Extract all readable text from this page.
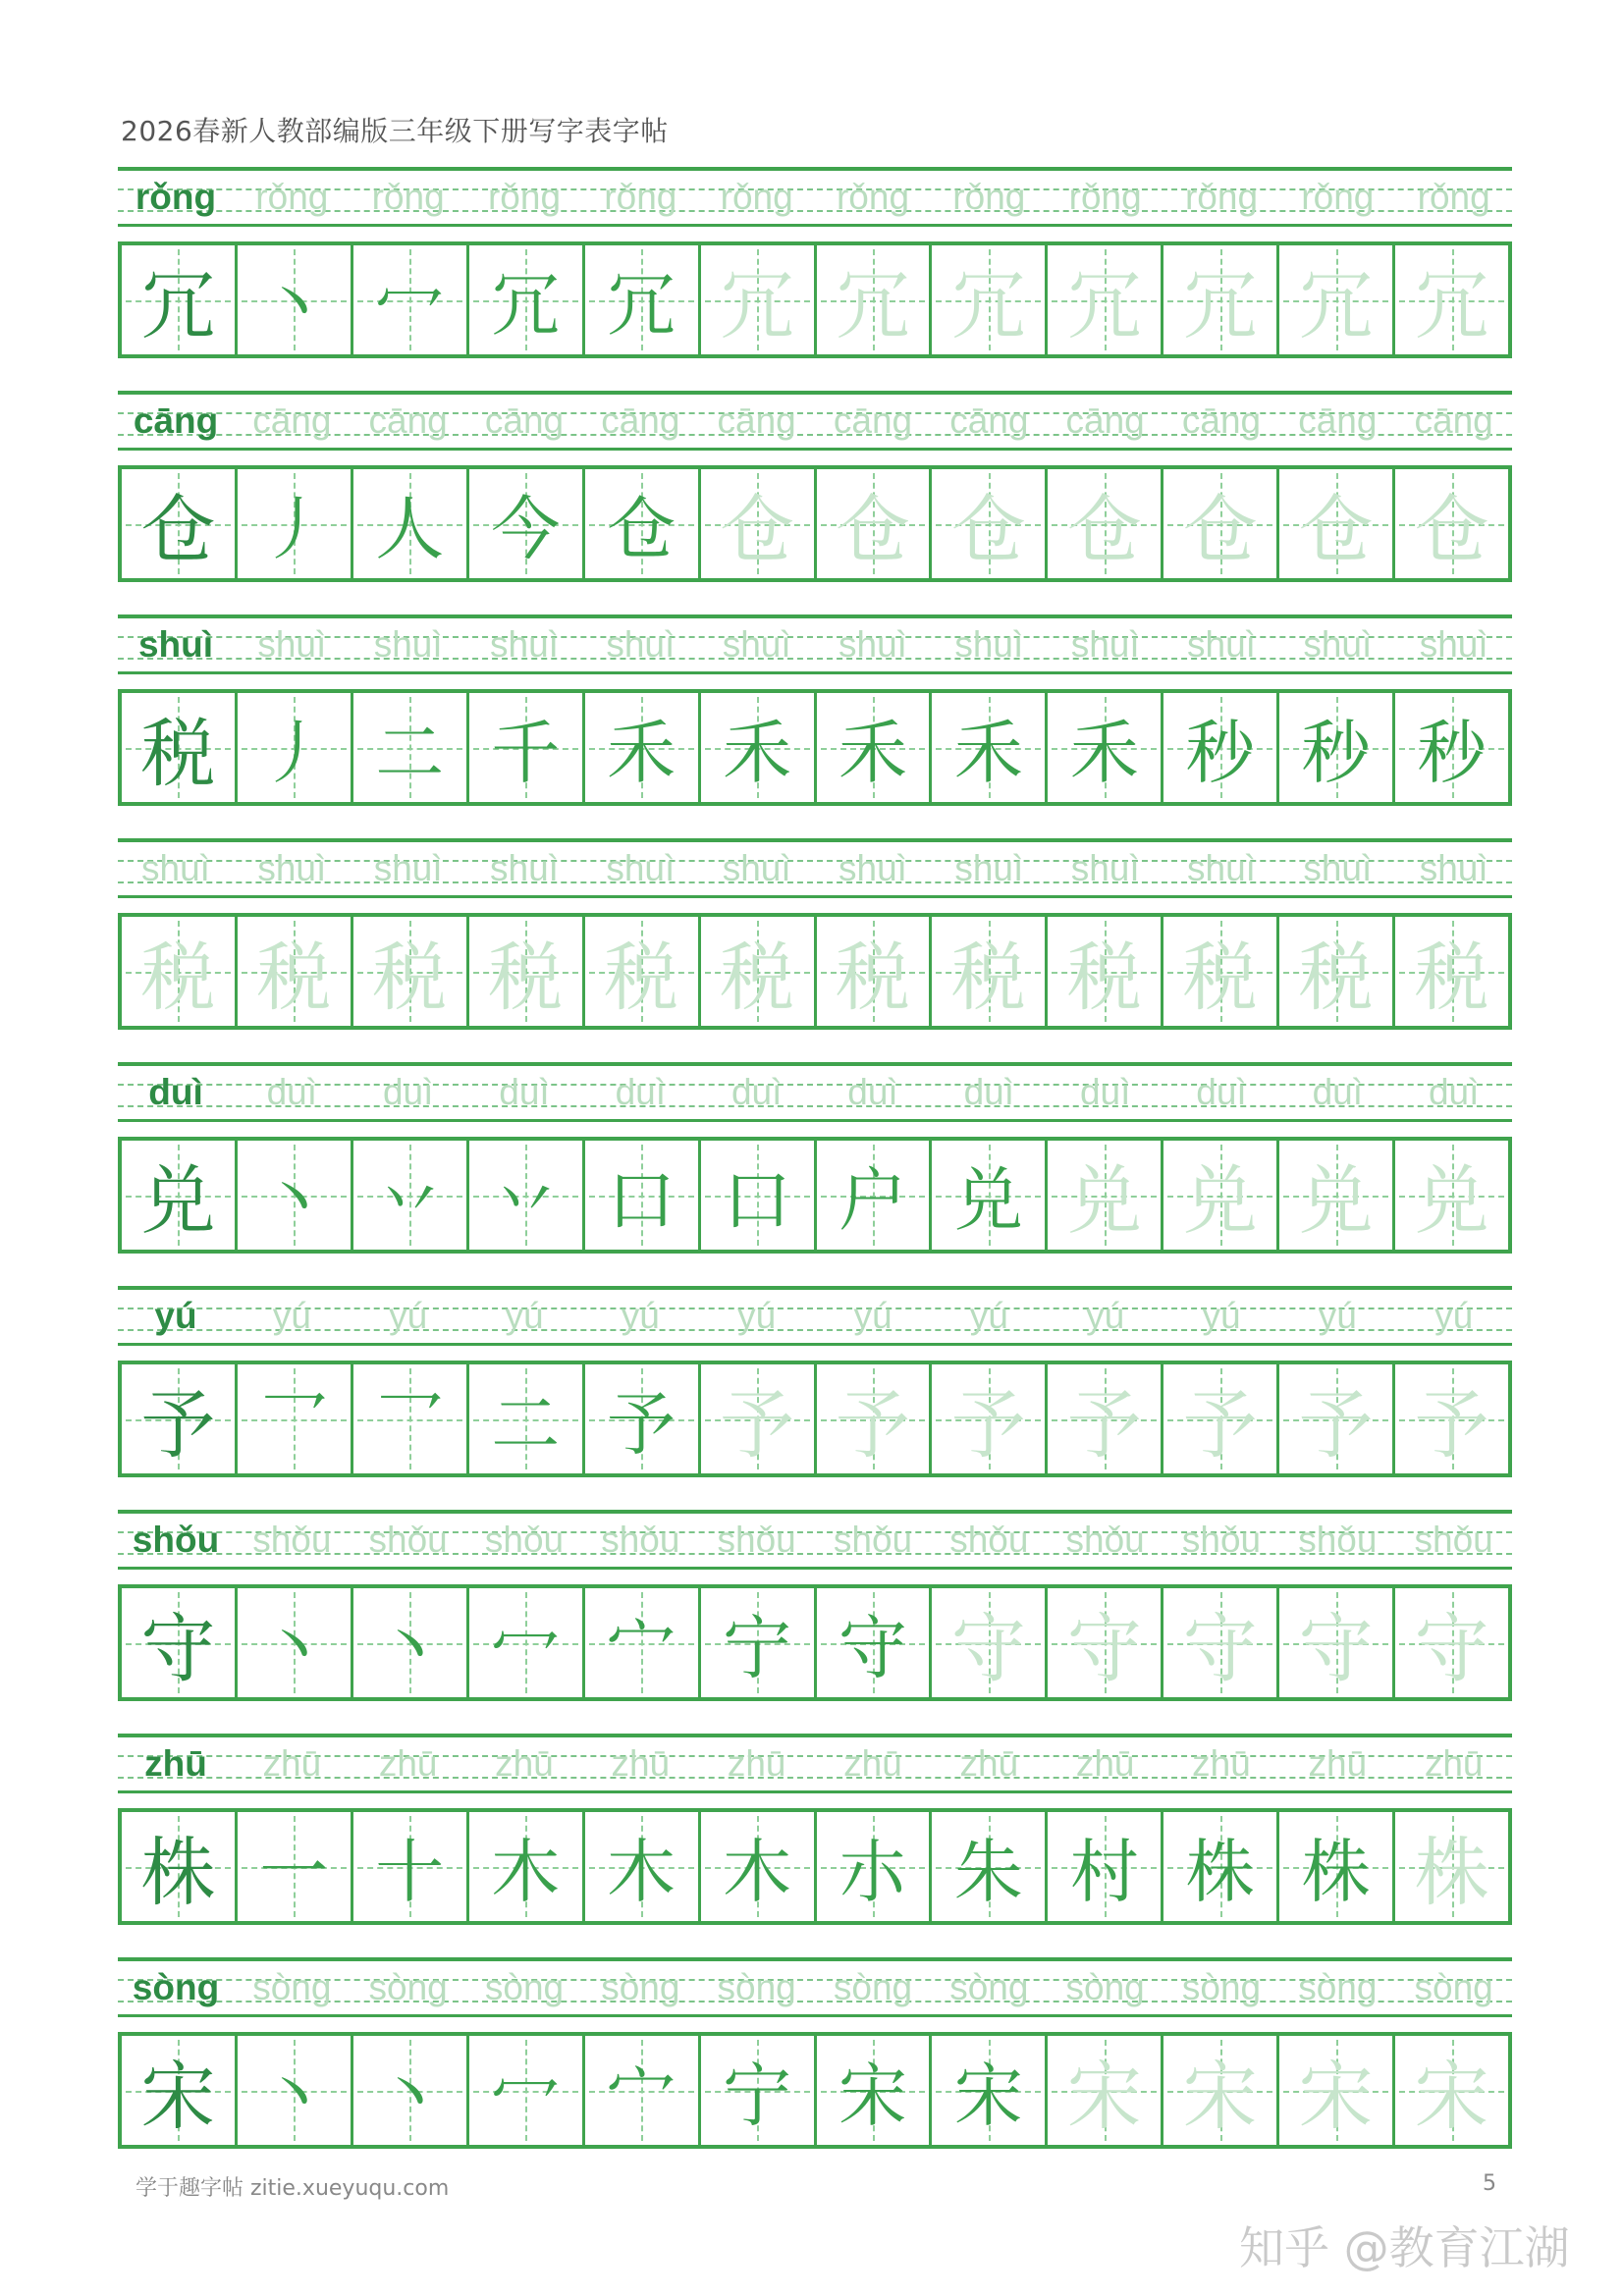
2026春新人教部编版三年级下册写字表字帖
rǒng	rǒng	rǒng	rǒng	rǒng	rǒng	rǒng	rǒng	rǒng	rǒng	rǒng	rǒng
冗 丶 冖 冗 冗 冗 冗 冗 冗 冗 冗 冗
cāng cāng	cāng	cāng	cāng	cāng	cāng	cāng	cāng	cāng	cāng	cāng
仓 丿 人 今 仓 仓 仓 仓 仓 仓 仓 仓
shuì	shuì	shuì	shuì	shuì	shuì	shuì	shuì	shuì	shuì	shuì	shuì
税 丿 二 千 禾 禾 禾 禾 禾 秒 秒 秒
shuì	shuì	shuì	shuì	shuì	shuì	shuì	shuì	shuì	shuì	shuì	shuì
税 税 税 税 税 税 税 税 税 税 税 税
duì	duì	duì	duì	duì	duì	duì	duì	duì	duì	duì	duì
兑 丶 丷 丷 口 口 户 兑 兑 兑 兑 兑
yú	yú	yú	yú	yú	yú	yú	yú	yú	yú	yú	yú
予 乛 乛 二 予 予 予 予 予 予 予 予
shǒu shǒu	shǒu	shǒu	shǒu	shǒu	shǒu	shǒu	shǒu	shǒu	shǒu	shǒu
守 丶 丶 冖 宀 宁 守 守 守 守 守 守
zhū	zhū	zhū	zhū	zhū	zhū	zhū	zhū	zhū	zhū	zhū	zhū
株 一 十 木 木 木 朩 朱 村 株 株 株
sòng sòng	sòng	sòng	sòng	sòng	sòng	sòng	sòng	sòng	sòng	sòng
宋 丶 丶 冖 宀 宁 宋 宋 宋 宋 宋 宋
学于趣字帖 zitie.xueyuqu.com	5
知乎 @教育江湖
